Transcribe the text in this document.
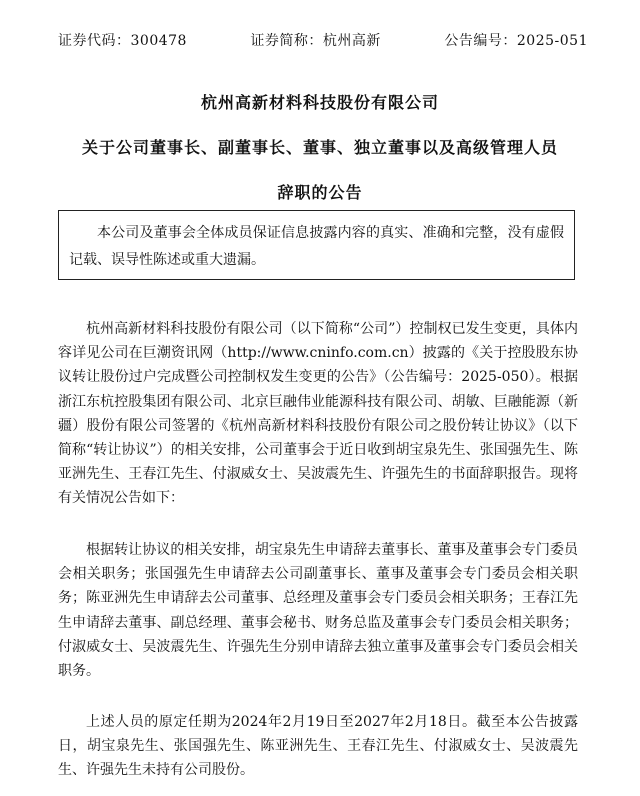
证券代码：300478	证券简称：杭州高新	公告编号：2025-051
杭州高新材料科技股份有限公司
关于公司董事长、副董事长、董事、独立董事以及高级管理人员
辞职的公告
本公司及董事会全体成员保证信息披露内容的真实、准确和完整，没有虚假记载、误导性陈述或重大遗漏。

杭州高新材料科技股份有限公司（以下简称“公司”）控制权已发生变更，具体内容详见公司在巨潮资讯网（http://www.cninfo.com.cn）披露的《关于控股股东协议转让股份过户完成暨公司控制权发生变更的公告》（公告编号：2025-050）。根据浙江东杭控股集团有限公司、北京巨融伟业能源科技有限公司、胡敏、巨融能源（新疆）股份有限公司签署的《杭州高新材料科技股份有限公司之股份转让协议》（以下简称“转让协议”）的相关安排，公司董事会于近日收到胡宝泉先生、张国强先生、陈亚洲先生、王春江先生、付淑威女士、吴波震先生、许强先生的书面辞职报告。现将有关情况公告如下：

根据转让协议的相关安排，胡宝泉先生申请辞去董事长、董事及董事会专门委员会相关职务；张国强先生申请辞去公司副董事长、董事及董事会专门委员会相关职务；陈亚洲先生申请辞去公司董事、总经理及董事会专门委员会相关职务；王春江先生申请辞去董事、副总经理、董事会秘书、财务总监及董事会专门委员会相关职务；付淑威女士、吴波震先生、许强先生分别申请辞去独立董事及董事会专门委员会相关职务。

上述人员的原定任期为2024年2月19日至2027年2月18日。截至本公告披露日，胡宝泉先生、张国强先生、陈亚洲先生、王春江先生、付淑威女士、吴波震先生、许强先生未持有公司股份。
